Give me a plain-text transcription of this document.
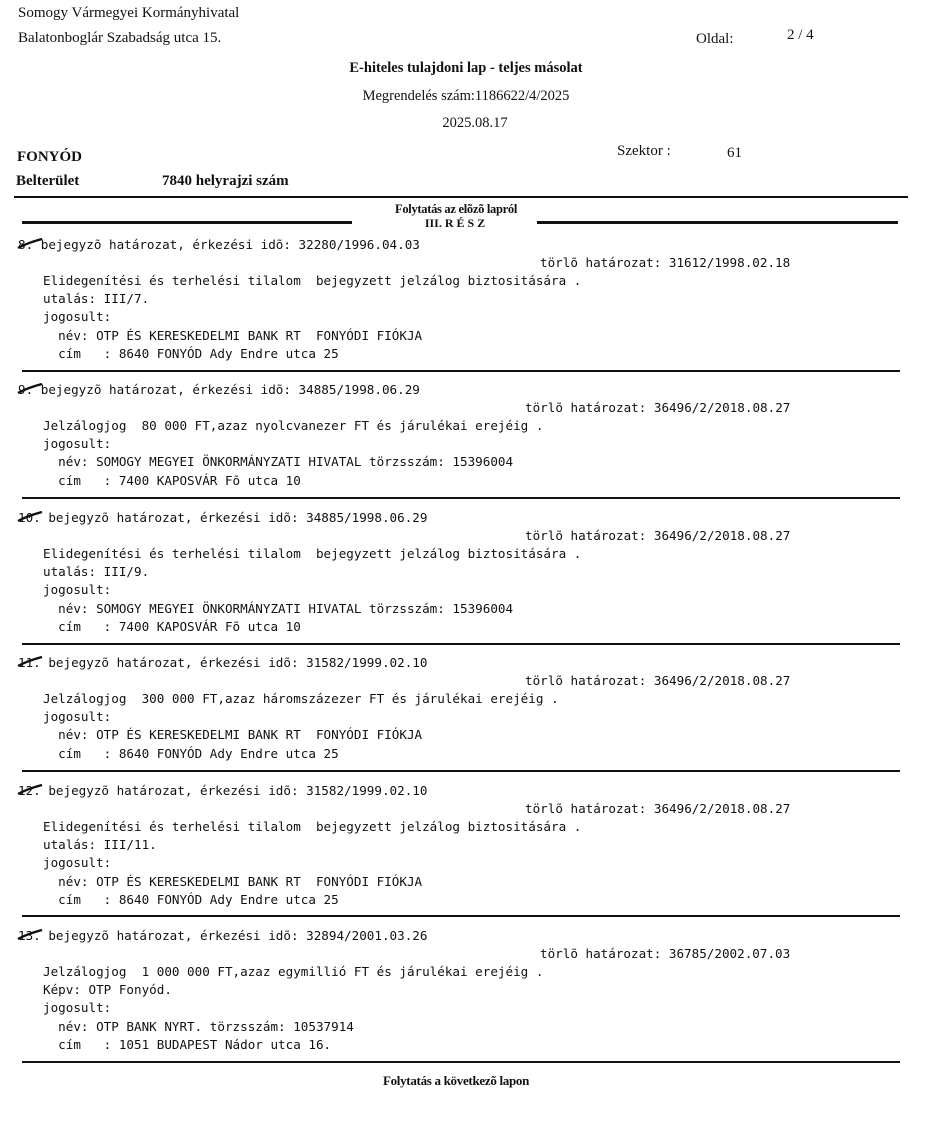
Somogy Vármegyei Kormányhivatal
Balatonboglár Szabadság utca 15.	Oldal:	2 / 4
E-hiteles tulajdoni lap - teljes másolat
Megrendelés szám:1186622/4/2025
2025.08.17
FONYÓD	Szektor :	61
Belterület	7840 helyrajzi szám
Folytatás az elõzõ lapról
III. R É S Z
8. bejegyzõ határozat, érkezési idõ: 32280/1996.04.03
törlõ határozat: 31612/1998.02.18
Elidegenítési és terhelési tilalom  bejegyzett jelzálog biztositására .
utalás: III/7.
jogosult:
név: OTP ÉS KERESKEDELMI BANK RT  FONYÓDI FIÓKJA
cím   : 8640 FONYÓD Ady Endre utca 25
9. bejegyzõ határozat, érkezési idõ: 34885/1998.06.29
törlõ határozat: 36496/2/2018.08.27
Jelzálogjog  80 000 FT,azaz nyolcvanezer FT és járulékai erejéig .
jogosult:
név: SOMOGY MEGYEI ÖNKORMÁNYZATI HIVATAL törzsszám: 15396004
cím   : 7400 KAPOSVÁR Fõ utca 10
10. bejegyzõ határozat, érkezési idõ: 34885/1998.06.29
törlõ határozat: 36496/2/2018.08.27
Elidegenítési és terhelési tilalom  bejegyzett jelzálog biztositására .
utalás: III/9.
jogosult:
név: SOMOGY MEGYEI ÖNKORMÁNYZATI HIVATAL törzsszám: 15396004
cím   : 7400 KAPOSVÁR Fõ utca 10
11. bejegyzõ határozat, érkezési idõ: 31582/1999.02.10
törlõ határozat: 36496/2/2018.08.27
Jelzálogjog  300 000 FT,azaz háromszázezer FT és járulékai erejéig .
jogosult:
név: OTP ÉS KERESKEDELMI BANK RT  FONYÓDI FIÓKJA
cím   : 8640 FONYÓD Ady Endre utca 25
12. bejegyzõ határozat, érkezési idõ: 31582/1999.02.10
törlõ határozat: 36496/2/2018.08.27
Elidegenítési és terhelési tilalom  bejegyzett jelzálog biztositására .
utalás: III/11.
jogosult:
név: OTP ÉS KERESKEDELMI BANK RT  FONYÓDI FIÓKJA
cím   : 8640 FONYÓD Ady Endre utca 25
13. bejegyzõ határozat, érkezési idõ: 32894/2001.03.26
törlõ határozat: 36785/2002.07.03
Jelzálogjog  1 000 000 FT,azaz egymillió FT és járulékai erejéig .
Képv: OTP Fonyód.
jogosult:
név: OTP BANK NYRT. törzsszám: 10537914
cím   : 1051 BUDAPEST Nádor utca 16.
Folytatás a következõ lapon
